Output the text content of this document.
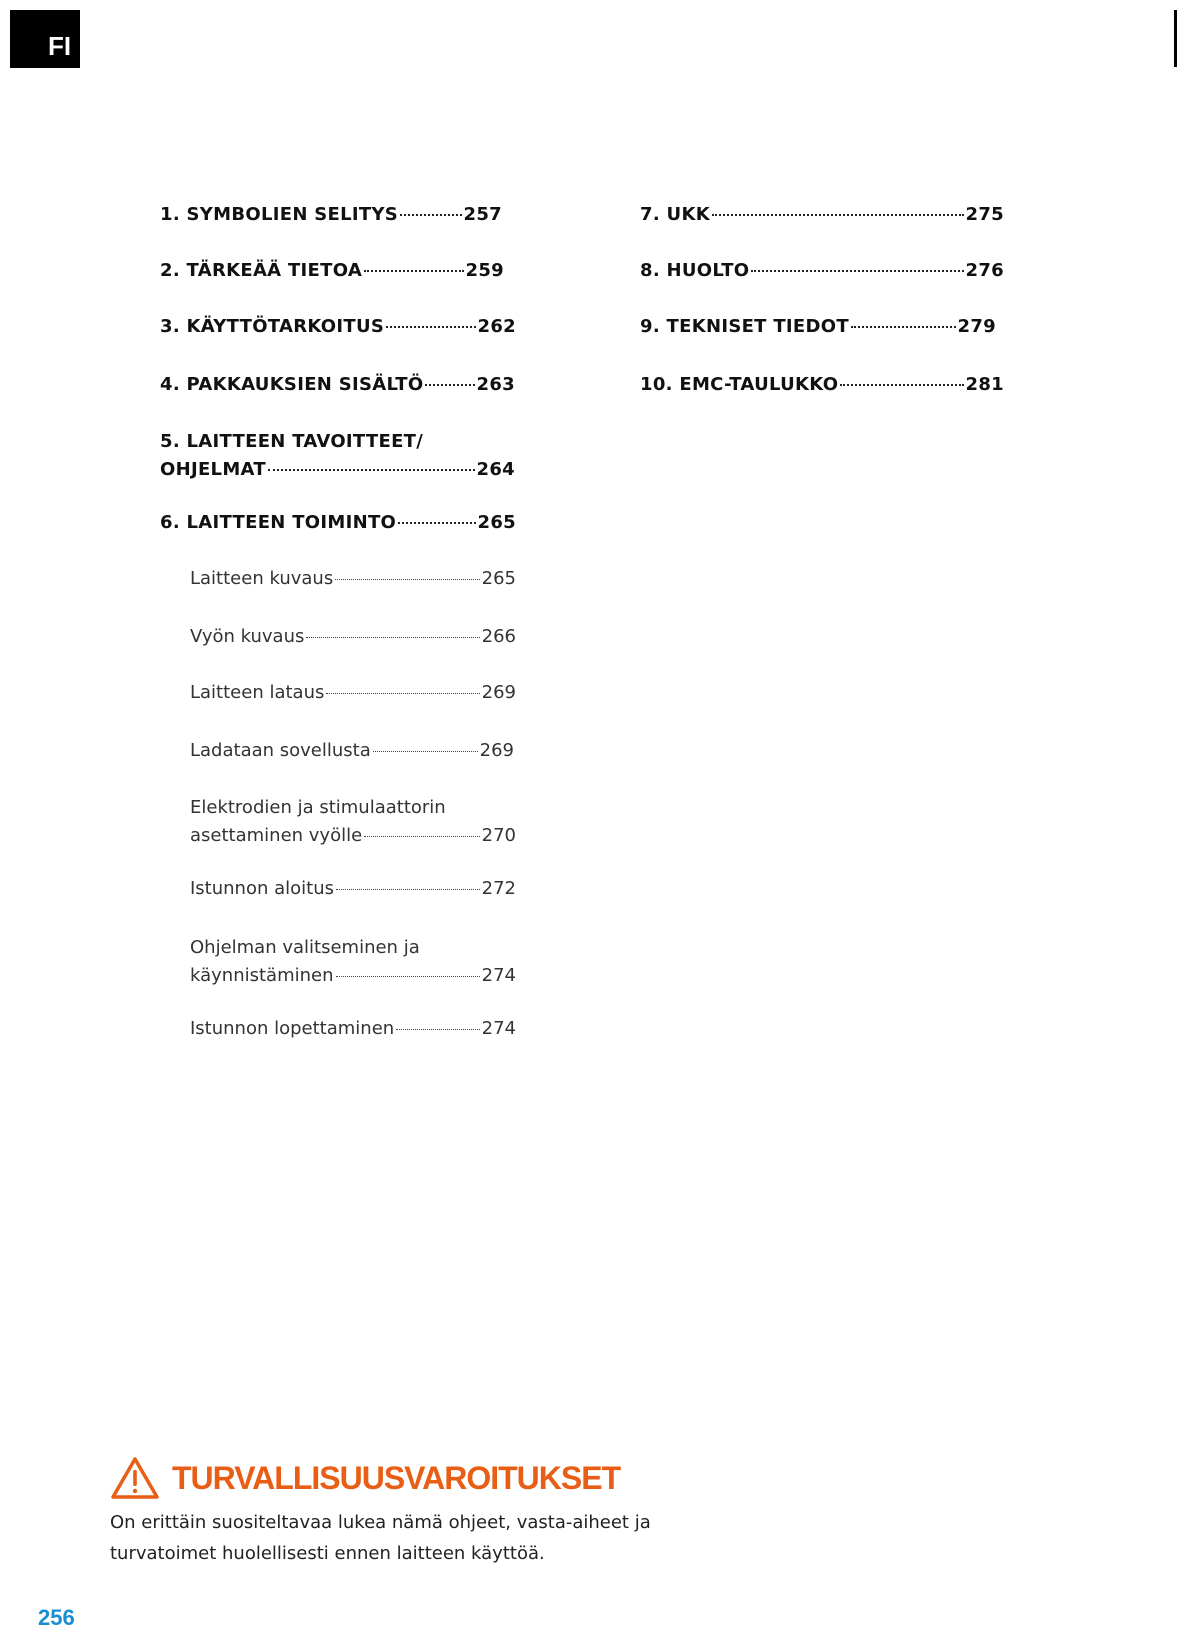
FI
1. SYMBOLIEN SELITYS	257
2. TÄRKEÄÄ TIETOA	259
3. KÄYTTÖTARKOITUS	262
4. PAKKAUKSIEN SISÄLTÖ	263
5. LAITTEEN TAVOITTEET/
OHJELMAT	264
6. LAITTEEN TOIMINTO	265
Laitteen kuvaus	265
Vyön kuvaus	266
Laitteen lataus	269
Ladataan sovellusta	269
Elektrodien ja stimulaattorin
asettaminen vyölle	270
Istunnon aloitus	272
Ohjelman valitseminen ja
käynnistäminen	274
Istunnon lopettaminen	274
7. UKK	275
8. HUOLTO	276
9. TEKNISET TIEDOT	279
10. EMC-TAULUKKO	281
TURVALLISUUSVAROITUKSET
On erittäin suositeltavaa lukea nämä ohjeet, vasta-aiheet ja turvatoimet huolellisesti ennen laitteen käyttöä.
256
